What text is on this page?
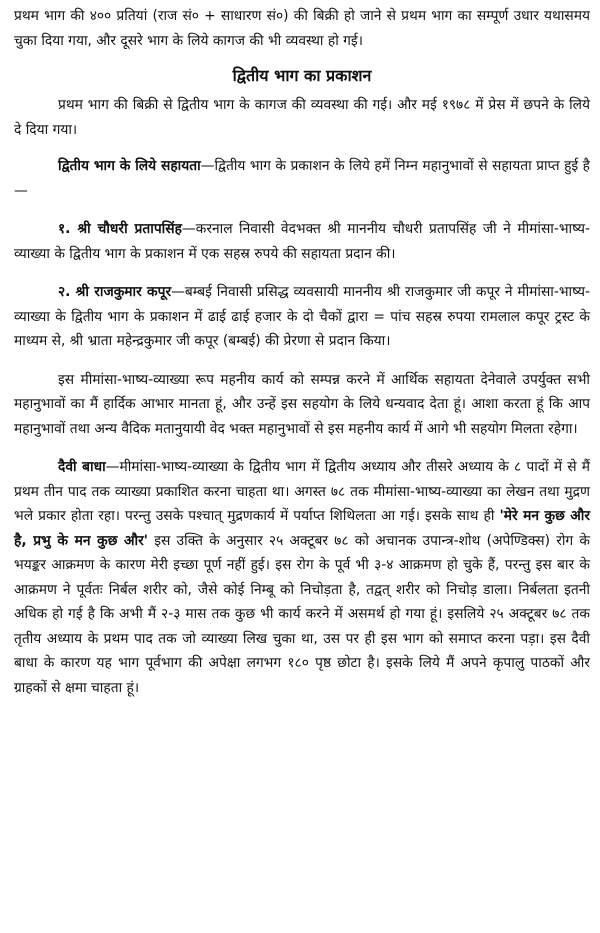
प्रथम भाग की ४०० प्रतियां (राज सं० + साधारण सं०) की बिक्री हो जाने से प्रथम भाग का सम्पूर्ण उधार यथासमय चुका दिया गया, और दूसरे भाग के लिये कागज की भी व्यवस्था हो गई।

द्वितीय भाग का प्रकाशन

प्रथम भाग की बिक्री से द्वितीय भाग के कागज की व्यवस्था की गई। और मई १९७८ में प्रेस में छपने के लिये दे दिया गया।

द्वितीय भाग के लिये सहायता—द्वितीय भाग के प्रकाशन के लिये हमें निम्न महानुभावों से सहायता प्राप्त हुई है—

१. श्री चौधरी प्रतापसिंह—करनाल निवासी वेदभक्त श्री माननीय चौधरी प्रतापसिंह जी ने मीमांसा-भाष्य-व्याख्या के द्वितीय भाग के प्रकाशन में एक सहस्र रुपये की सहायता प्रदान की।

२. श्री राजकुमार कपूर—बम्बई निवासी प्रसिद्ध व्यवसायी माननीय श्री राजकुमार जी कपूर ने मीमांसा-भाष्य-व्याख्या के द्वितीय भाग के प्रकाशन में ढाई ढाई हजार के दो चैकों द्वारा = पांच सहस्र रुपया रामलाल कपूर ट्रस्ट के माध्यम से, श्री भ्राता महेन्द्रकुमार जी कपूर (बम्बई) की प्रेरणा से प्रदान किया।

इस मीमांसा-भाष्य-व्याख्या रूप महनीय कार्य को सम्पन्न करने में आर्थिक सहायता देनेवाले उपर्युक्त सभी महानुभावों का मैं हार्दिक आभार मानता हूं, और उन्हें इस सहयोग के लिये धन्यवाद देता हूं। आशा करता हूं कि आप महानुभावों तथा अन्य वैदिक मतानुयायी वेद भक्त महानुभावों से इस महनीय कार्य में आगे भी सहयोग मिलता रहेगा।

दैवी बाधा—मीमांसा-भाष्य-व्याख्या के द्वितीय भाग में द्वितीय अध्याय और तीसरे अध्याय के ८ पादों में से मैं प्रथम तीन पाद तक व्याख्या प्रकाशित करना चाहता था। अगस्त ७८ तक मीमांसा-भाष्य-व्याख्या का लेखन तथा मुद्रण भले प्रकार होता रहा। परन्तु उसके पश्चात् मुद्रणकार्य में पर्याप्त शिथिलता आ गई। इसके साथ ही 'मेरे मन कुछ और है, प्रभु के मन कुछ और' इस उक्ति के अनुसार २५ अक्टूबर ७८ को अचानक उपान्त्र-शोथ (अपेण्डिक्स) रोग के भयङ्कर आक्रमण के कारण मेरी इच्छा पूर्ण नहीं हुई। इस रोग के पूर्व भी ३-४ आक्रमण हो चुके हैं, परन्तु इस बार के आक्रमण ने पूर्वतः निर्बल शरीर को, जैसे कोई निम्बू को निचोड़ता है, तद्वत् शरीर को निचोड़ डाला। निर्बलता इतनी अधिक हो गई है कि अभी मैं २-३ मास तक कुछ भी कार्य करने में असमर्थ हो गया हूं। इसलिये २५ अक्टूबर ७८ तक तृतीय अध्याय के प्रथम पाद तक जो व्याख्या लिख चुका था, उस पर ही इस भाग को समाप्त करना पड़ा। इस दैवी बाधा के कारण यह भाग पूर्वभाग की अपेक्षा लगभग १८० पृष्ठ छोटा है। इसके लिये मैं अपने कृपालु पाठकों और ग्राहकों से क्षमा चाहता हूं।
